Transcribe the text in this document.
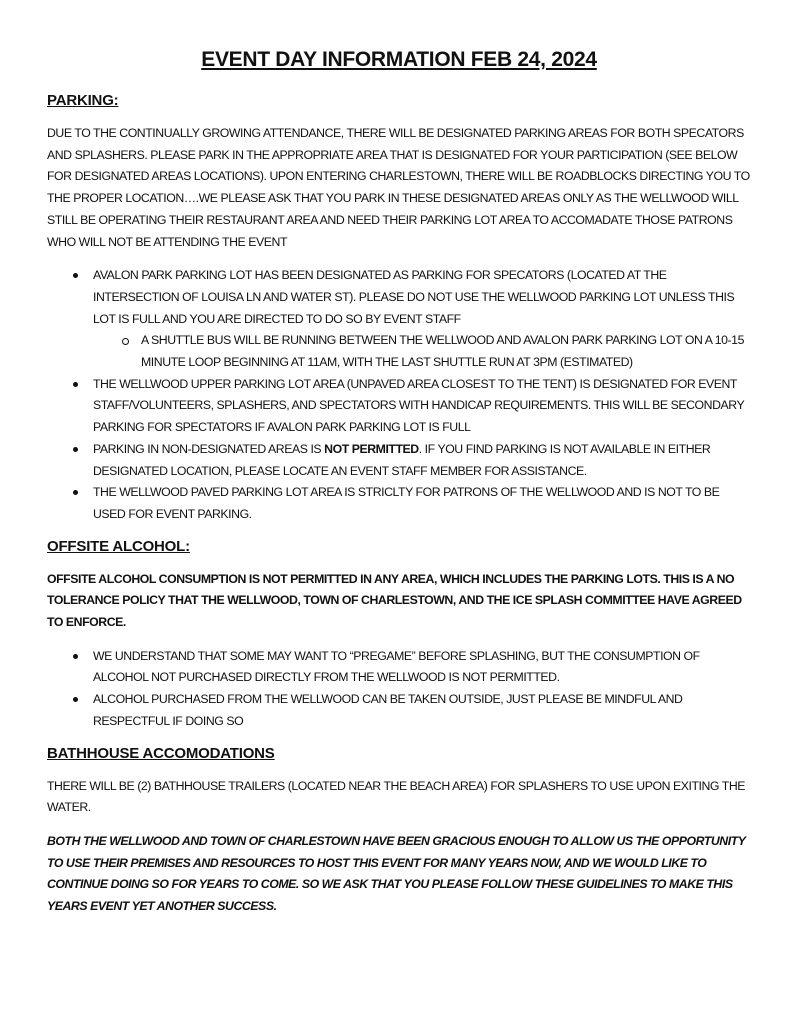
EVENT DAY INFORMATION FEB 24, 2024
PARKING:

DUE TO THE CONTINUALLY GROWING ATTENDANCE, THERE WILL BE DESIGNATED PARKING AREAS FOR BOTH SPECATORS AND SPLASHERS. PLEASE PARK IN THE APPROPRIATE AREA THAT IS DESIGNATED FOR YOUR PARTICIPATION (SEE BELOW FOR DESIGNATED AREAS LOCATIONS). UPON ENTERING CHARLESTOWN, THERE WILL BE ROADBLOCKS DIRECTING YOU TO THE PROPER LOCATION….WE PLEASE ASK THAT YOU PARK IN THESE DESIGNATED AREAS ONLY AS THE WELLWOOD WILL STILL BE OPERATING THEIR RESTAURANT AREA AND NEED THEIR PARKING LOT AREA TO ACCOMADATE THOSE PATRONS WHO WILL NOT BE ATTENDING THE EVENT

AVALON PARK PARKING LOT HAS BEEN DESIGNATED AS PARKING FOR SPECATORS (LOCATED AT THE INTERSECTION OF LOUISA LN AND WATER ST). PLEASE DO NOT USE THE WELLWOOD PARKING LOT UNLESS THIS LOT IS FULL AND YOU ARE DIRECTED TO DO SO BY EVENT STAFF
A SHUTTLE BUS WILL BE RUNNING BETWEEN THE WELLWOOD AND AVALON PARK PARKING LOT ON A 10-15 MINUTE LOOP BEGINNING AT 11AM, WITH THE LAST SHUTTLE RUN AT 3PM (ESTIMATED)
THE WELLWOOD UPPER PARKING LOT AREA (UNPAVED AREA CLOSEST TO THE TENT) IS DESIGNATED FOR EVENT STAFF/VOLUNTEERS, SPLASHERS, AND SPECTATORS WITH HANDICAP REQUIREMENTS. THIS WILL BE SECONDARY PARKING FOR SPECTATORS IF AVALON PARK PARKING LOT IS FULL
PARKING IN NON-DESIGNATED AREAS IS NOT PERMITTED. IF YOU FIND PARKING IS NOT AVAILABLE IN EITHER DESIGNATED LOCATION, PLEASE LOCATE AN EVENT STAFF MEMBER FOR ASSISTANCE.
THE WELLWOOD PAVED PARKING LOT AREA IS STRICLTY FOR PATRONS OF THE WELLWOOD AND IS NOT TO BE USED FOR EVENT PARKING.
OFFSITE ALCOHOL:

OFFSITE ALCOHOL CONSUMPTION IS NOT PERMITTED IN ANY AREA, WHICH INCLUDES THE PARKING LOTS. THIS IS A NO TOLERANCE POLICY THAT THE WELLWOOD, TOWN OF CHARLESTOWN, AND THE ICE SPLASH COMMITTEE HAVE AGREED TO ENFORCE.

WE UNDERSTAND THAT SOME MAY WANT TO “PREGAME” BEFORE SPLASHING, BUT THE CONSUMPTION OF ALCOHOL NOT PURCHASED DIRECTLY FROM THE WELLWOOD IS NOT PERMITTED.
ALCOHOL PURCHASED FROM THE WELLWOOD CAN BE TAKEN OUTSIDE, JUST PLEASE BE MINDFUL AND RESPECTFUL IF DOING SO
BATHHOUSE ACCOMODATIONS

THERE WILL BE (2) BATHHOUSE TRAILERS (LOCATED NEAR THE BEACH AREA) FOR SPLASHERS TO USE UPON EXITING THE WATER.

BOTH THE WELLWOOD AND TOWN OF CHARLESTOWN HAVE BEEN GRACIOUS ENOUGH TO ALLOW US THE OPPORTUNITY TO USE THEIR PREMISES AND RESOURCES TO HOST THIS EVENT FOR MANY YEARS NOW, AND WE WOULD LIKE TO CONTINUE DOING SO FOR YEARS TO COME. SO WE ASK THAT YOU PLEASE FOLLOW THESE GUIDELINES TO MAKE THIS YEARS EVENT YET ANOTHER SUCCESS.
